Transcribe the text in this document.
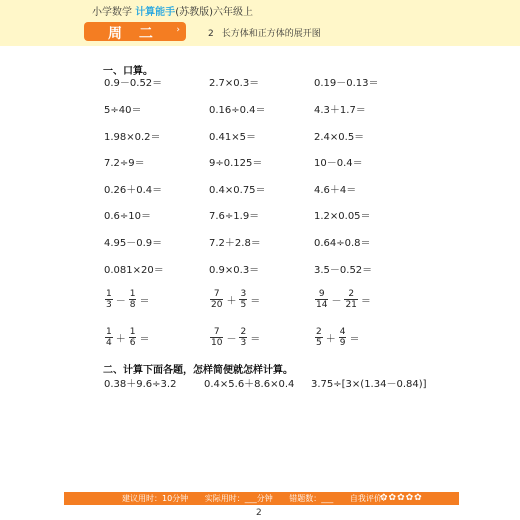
小学数学 计算能手(苏教版)六年级上
周 二 ›	2 长方体和正方体的展开图
一、口算。
0.9－0.52＝	2.7×0.3＝	0.19－0.13＝
5÷40＝	0.16÷0.4＝	4.3＋1.7＝
1.98×0.2＝	0.41×5＝	2.4×0.5＝
7.2÷9＝	9÷0.125＝	10－0.4＝
0.26＋0.4＝	0.4×0.75＝	4.6＋4＝
0.6÷10＝	7.6÷1.9＝	1.2×0.05＝
4.95－0.9＝	7.2＋2.8＝	0.64÷0.8＝
0.081×20＝	0.9×0.3＝	3.5－0.52＝
$\frac{1}{3} - \frac{1}{8}$ ＝	$\frac{7}{20} + \frac{3}{5}$ ＝	$\frac{9}{14} - \frac{2}{21}$ ＝
$\frac{1}{4} + \frac{1}{6}$ ＝	$\frac{7}{10} - \frac{2}{3}$ ＝	$\frac{2}{5} + \frac{4}{9}$ ＝
二、计算下面各题，怎样简便就怎样计算。
0.38＋9.6÷3.2	0.4×5.6＋8.6×0.4 3.75÷[3×(1.34－0.84)]
建议用时：10分钟 实际用时：___分钟 错题数：___ 自我评价：
✿✿✿✿✿
2
